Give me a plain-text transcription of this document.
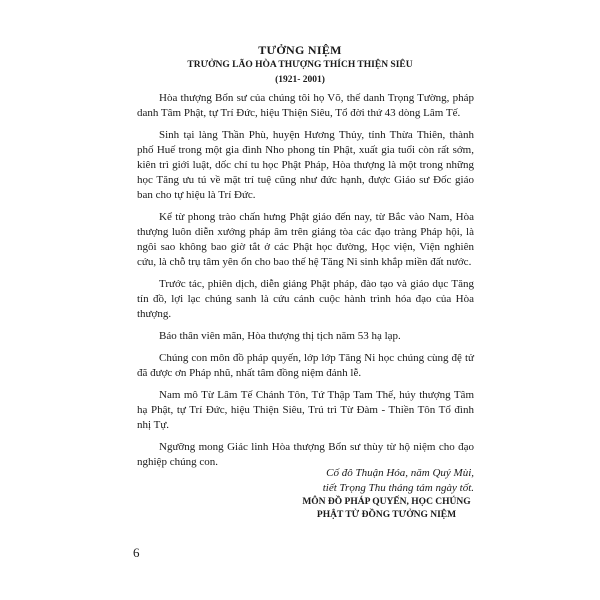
TƯỞNG NIỆM
TRƯỞNG LÃO HÒA THƯỢNG THÍCH THIỆN SIÊU
(1921- 2001)

Hòa thượng Bổn sư của chúng tôi họ Võ, thế danh Trọng Tường, pháp danh Tâm Phật, tự Trí Đức, hiệu Thiện Siêu, Tổ đời thứ 43 dòng Lâm Tế.

Sinh tại làng Thần Phù, huyện Hương Thủy, tỉnh Thừa Thiên, thành phố Huế trong một gia đình Nho phong tín Phật, xuất gia tuổi còn rất sớm, kiên trì giới luật, dốc chí tu học Phật Pháp, Hòa thượng là một trong những học Tăng ưu tú về mặt trí tuệ cũng như đức hạnh, được Giáo sư Đốc giáo ban cho tự hiệu là Trí Đức.

Kể từ phong trào chấn hưng Phật giáo đến nay, từ Bắc vào Nam, Hòa thượng luôn diễn xướng pháp âm trên giảng tòa các đạo tràng Pháp hội, là ngôi sao không bao giờ tắt ở các Phật học đường, Học viện, Viện nghiên cứu, là chỗ trụ tâm yên ổn cho bao thế hệ Tăng Ni sinh khắp miền đất nước.

Trước tác, phiên dịch, diễn giảng Phật pháp, đào tạo và giáo dục Tăng tín đồ, lợi lạc chúng sanh là cứu cánh cuộc hành trình hóa đạo của Hòa thượng.

Báo thân viên mãn, Hòa thượng thị tịch năm 53 hạ lạp.

Chúng con môn đồ pháp quyến, lớp lớp Tăng Ni học chúng cùng đệ tử đã được ơn Pháp nhũ, nhất tâm đồng niệm đảnh lễ.

Nam mô Từ Lâm Tế Chánh Tôn, Tứ Thập Tam Thế, húy thượng Tâm hạ Phật, tự Trí Đức, hiệu Thiện Siêu, Trú trì Từ Đàm - Thiền Tôn Tổ đình nhị Tự.

Ngưỡng mong Giác linh Hòa thượng Bổn sư thùy từ hộ niệm cho đạo nghiệp chúng con.

Cố đô Thuận Hóa, năm Quý Mùi,
tiết Trọng Thu tháng tám ngày tốt.
MÔN ĐỒ PHÁP QUYẾN, HỌC CHÚNG
PHẬT TỬ ĐỒNG TƯỞNG NIỆM
6
